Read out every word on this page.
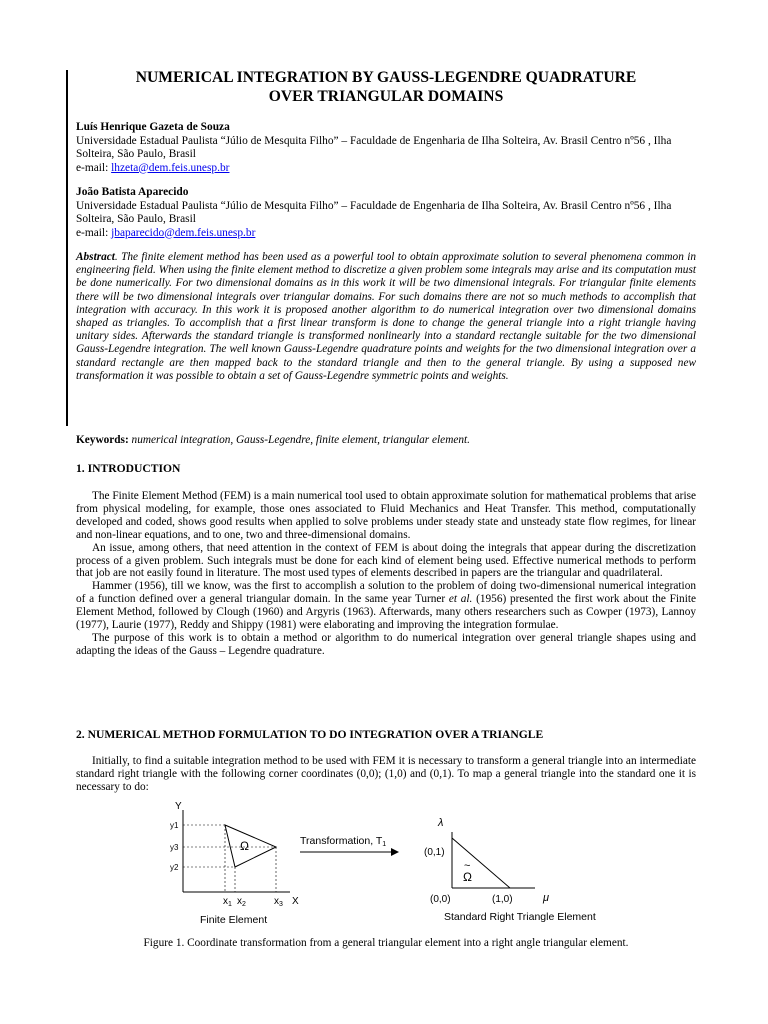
NUMERICAL INTEGRATION BY GAUSS-LEGENDRE QUADRATURE
OVER TRIANGULAR DOMAINS
Luís Henrique Gazeta de Souza
Universidade Estadual Paulista “Júlio de Mesquita Filho” – Faculdade de Engenharia de Ilha Solteira, Av. Brasil Centro nº56 , Ilha
Solteira, São Paulo, Brasil
e-mail: lhzeta@dem.feis.unesp.br
João Batista Aparecido
Universidade Estadual Paulista “Júlio de Mesquita Filho” – Faculdade de Engenharia de Ilha Solteira, Av. Brasil Centro nº56 , Ilha
Solteira, São Paulo, Brasil
e-mail: jbaparecido@dem.feis.unesp.br
Abstract. The finite element method has been used as a powerful tool to obtain approximate solution to several phenomena common in engineering field. When using the finite element method to discretize a given problem some integrals may arise and its computation must be done numerically. For two dimensional domains as in this work it will be two dimensional integrals. For triangular finite elements there will be two dimensional integrals over triangular domains. For such domains there are not so much methods to accomplish that integration with accuracy. In this work it is proposed another algorithm to do numerical integration over two dimensional domains shaped as triangles. To accomplish that a first linear transform is done to change the general triangle into a right triangle having unitary sides. Afterwards the standard triangle is transformed nonlinearly into a standard rectangle suitable for the two dimensional Gauss-Legendre integration. The well known Gauss-Legendre quadrature points and weights for the two dimensional integration over a standard rectangle are then mapped back to the standard triangle and then to the general triangle. By using a supposed new transformation it was possible to obtain a set of Gauss-Legendre symmetric points and weights.
Keywords: numerical integration, Gauss-Legendre, finite element, triangular element.
1. INTRODUCTION

The Finite Element Method (FEM) is a main numerical tool used to obtain approximate solution for mathematical problems that arise from physical modeling, for example, those ones associated to Fluid Mechanics and Heat Transfer. This method, computationally developed and coded, shows good results when applied to solve problems under steady state and unsteady state flow regimes, for linear and non-linear equations, and to one, two and three-dimensional domains.

An issue, among others, that need attention in the context of FEM is about doing the integrals that appear during the discretization process of a given problem. Such integrals must be done for each kind of element being used. Effective numerical methods to perform that job are not easily found in literature. The most used types of elements described in papers are the triangular and quadrilateral.

Hammer (1956), till we know, was the first to accomplish a solution to the problem of doing two-dimensional numerical integration of a function defined over a general triangular domain. In the same year Turner et al. (1956) presented the first work about the Finite Element Method, followed by Clough (1960) and Argyris (1963). Afterwards, many others researchers such as Cowper (1973), Lannoy (1977), Laurie (1977), Reddy and Shippy (1981) were elaborating and improving the integration formulae.

The purpose of this work is to obtain a method or algorithm to do numerical integration over general triangle shapes using and adapting the ideas of the Gauss – Legendre quadrature.

2. NUMERICAL METHOD FORMULATION TO DO INTEGRATION OVER A TRIANGLE

Initially, to find a suitable integration method to be used with FEM it is necessary to transform a general triangle into an intermediate standard right triangle with the following corner coordinates (0,0); (1,0) and (0,1). To map a general triangle into the standard one it is necessary to do:

Y
X
Ω
y1
y3
y2
$x_1$ $x_2$	$x_3$
Finite Element
Transformation, T1
λ
μ
(0,1)
(0,0)	(1,0)
Ω
~
Standard Right Triangle Element
Figure 1. Coordinate transformation from a general triangular element into a right angle triangular element.
